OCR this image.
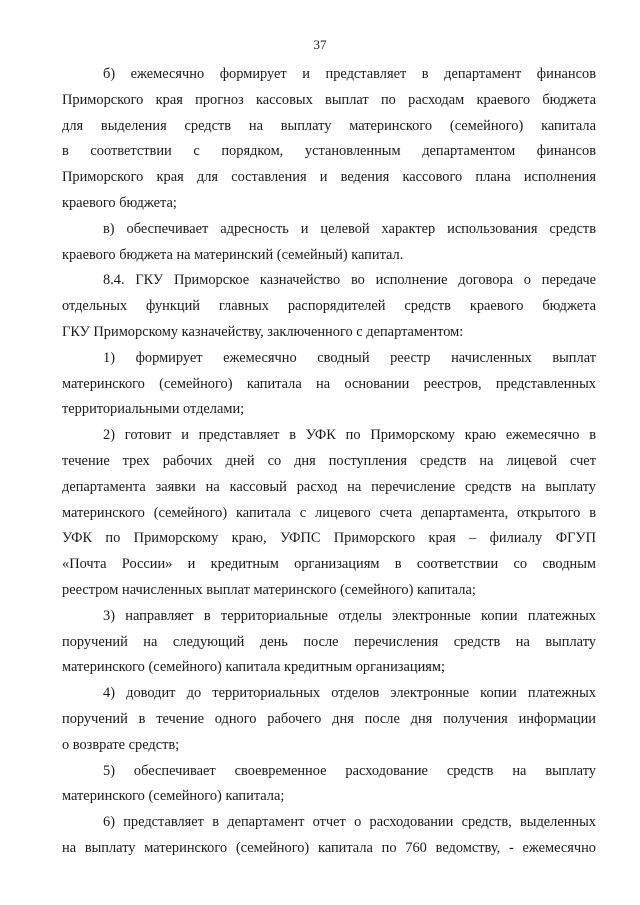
37
б) ежемесячно формирует и представляет в департамент финансов
Приморского края прогноз кассовых выплат по расходам краевого бюджета
для выделения средств на выплату материнского (семейного) капитала
в соответствии с порядком, установленным департаментом финансов
Приморского края для составления и ведения кассового плана исполнения
краевого бюджета;
в) обеспечивает адресность и целевой характер использования средств
краевого бюджета на материнский (семейный) капитал.
8.4. ГКУ Приморское казначейство во исполнение договора о передаче
отдельных функций главных распорядителей средств краевого бюджета
ГКУ Приморскому казначейству, заключенного с департаментом:
1) формирует ежемесячно сводный реестр начисленных выплат
материнского (семейного) капитала на основании реестров, представленных
территориальными отделами;
2) готовит и представляет в УФК по Приморскому краю ежемесячно в
течение трех рабочих дней со дня поступления средств на лицевой счет
департамента заявки на кассовый расход на перечисление средств на выплату
материнского (семейного) капитала с лицевого счета департамента, открытого в
УФК по Приморскому краю, УФПС Приморского края – филиалу ФГУП
«Почта России» и кредитным организациям в соответствии со сводным
реестром начисленных выплат материнского (семейного) капитала;
3) направляет в территориальные отделы электронные копии платежных
поручений на следующий день после перечисления средств на выплату
материнского (семейного) капитала кредитным организациям;
4) доводит до территориальных отделов электронные копии платежных
поручений в течение одного рабочего дня после дня получения информации
о возврате средств;
5) обеспечивает своевременное расходование средств на выплату
материнского (семейного) капитала;
6) представляет в департамент отчет о расходовании средств, выделенных
на выплату материнского (семейного) капитала по 760 ведомству, - ежемесячно
